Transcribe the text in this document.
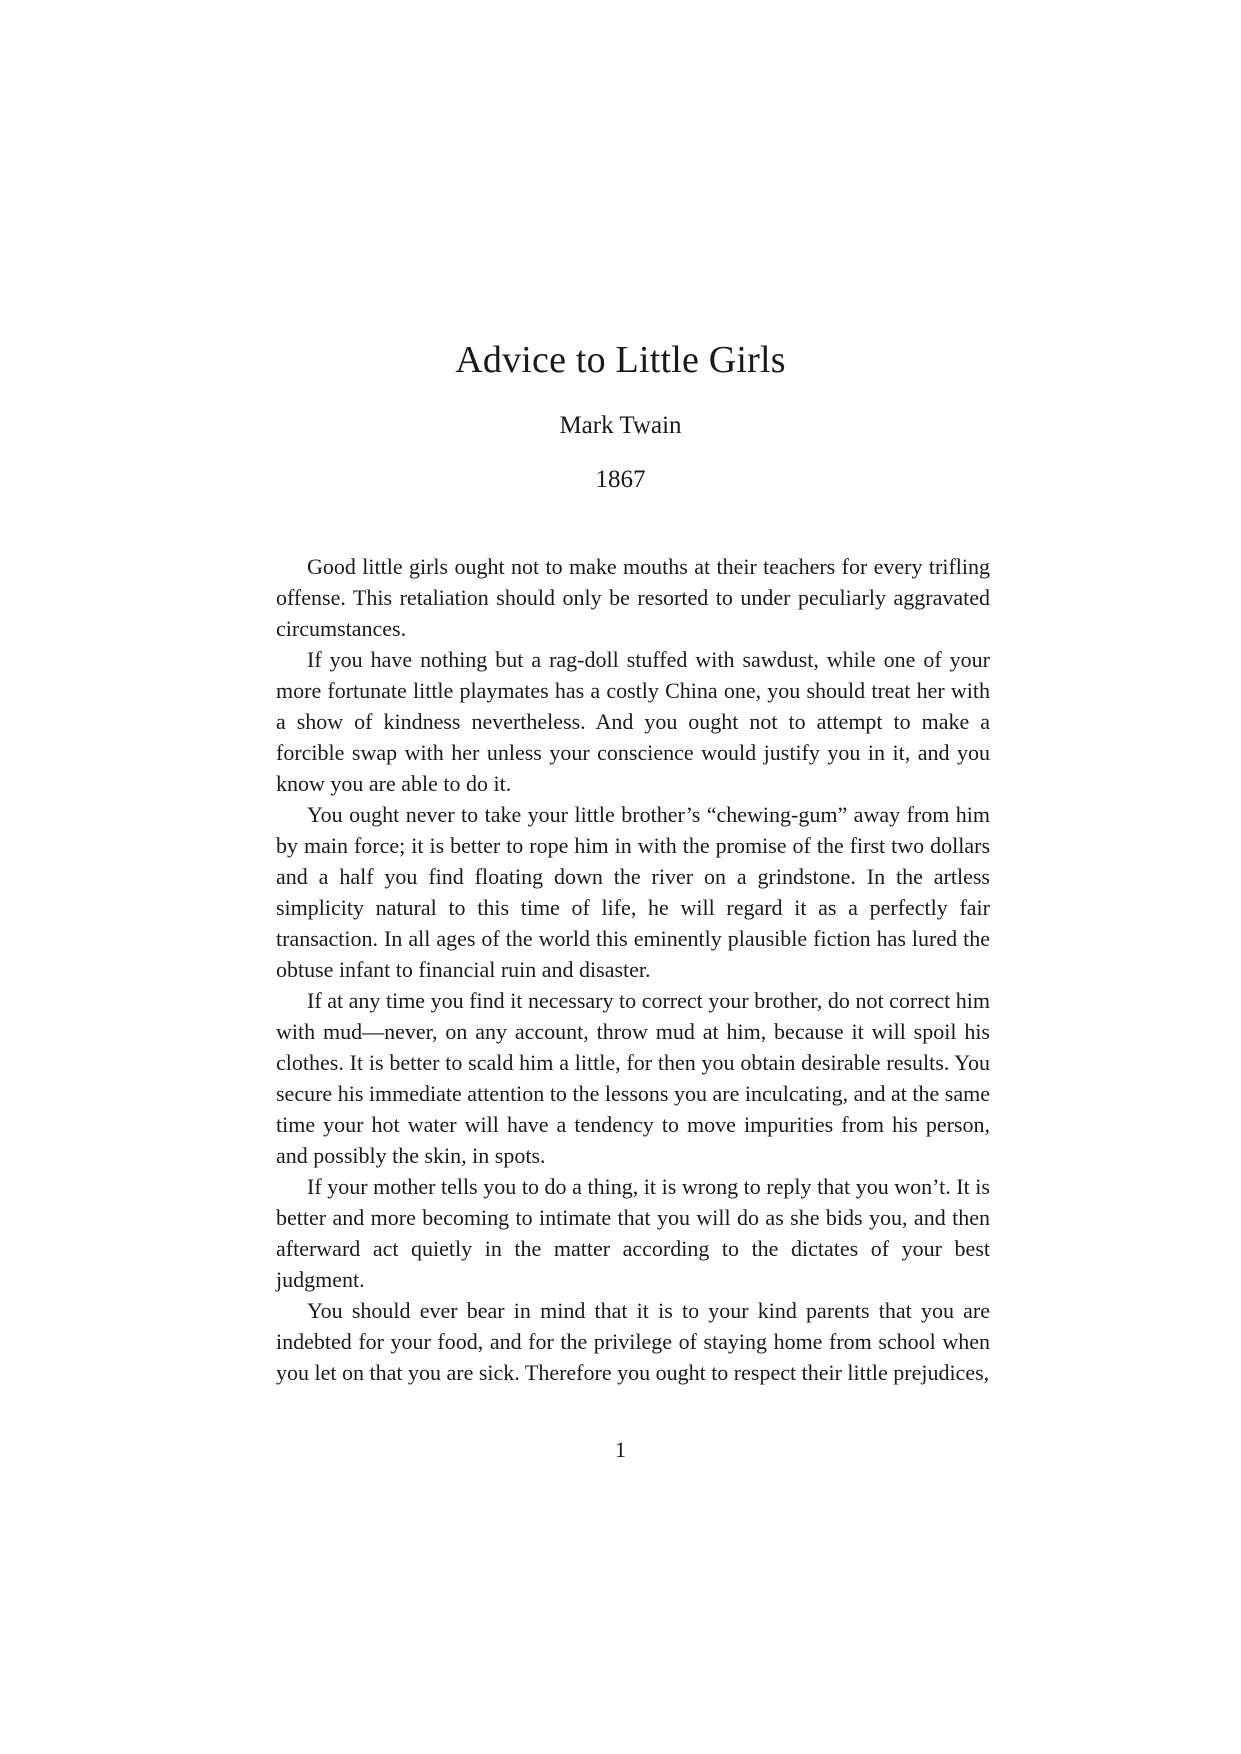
Advice to Little Girls
Mark Twain
1867

Good little girls ought not to make mouths at their teachers for every trifling offense. This retaliation should only be resorted to under peculiarly aggravated circumstances.

If you have nothing but a rag-doll stuffed with sawdust, while one of your more fortunate little playmates has a costly China one, you should treat her with a show of kindness nevertheless. And you ought not to attempt to make a forcible swap with her unless your conscience would justify you in it, and you know you are able to do it.

You ought never to take your little brother’s “chewing-gum” away from him by main force; it is better to rope him in with the promise of the first two dollars and a half you find floating down the river on a grindstone. In the artless simplicity natural to this time of life, he will regard it as a perfectly fair transaction. In all ages of the world this eminently plausible fiction has lured the obtuse infant to financial ruin and disaster.

If at any time you find it necessary to correct your brother, do not correct him with mud—never, on any account, throw mud at him, because it will spoil his clothes. It is better to scald him a little, for then you obtain desirable results. You secure his immediate attention to the lessons you are inculcating, and at the same time your hot water will have a tendency to move impurities from his person, and possibly the skin, in spots.

If your mother tells you to do a thing, it is wrong to reply that you won’t. It is better and more becoming to intimate that you will do as she bids you, and then afterward act quietly in the matter according to the dictates of your best judgment.

You should ever bear in mind that it is to your kind parents that you are indebted for your food, and for the privilege of staying home from school when you let on that you are sick. Therefore you ought to respect their little prejudices,

1
